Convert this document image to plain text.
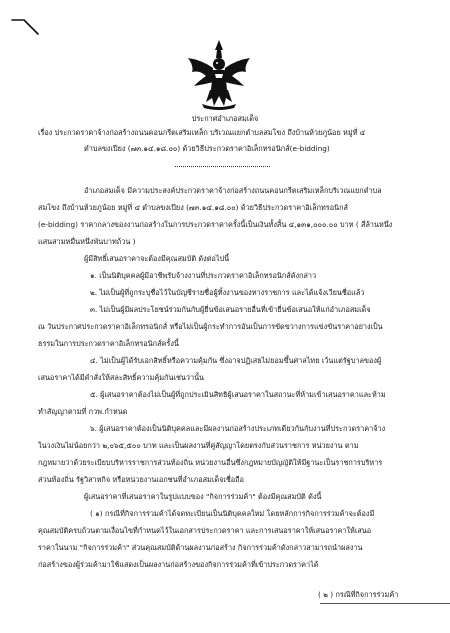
ประกาศอำเภอสมเด็จ
เรื่อง ประกวดราคาจ้างก่อสร้างถนนคอนกรีตเสริมเหล็ก บริเวณแยกตำบลสมโขง ถึงบ้านห้วยภูน้อย หมู่ที่ ๔
ตำบลขงเปียง (๗๓.๑๔.๑๘.๐๐) ด้วยวิธีประกวดราคาอิเล็กทรอนิกส์(e-bidding)
อำเภอสมเด็จ มีความประสงค์ประกวดราคาจ้างก่อสร้างถนนคอนกรีตเสริมเหล็กบริเวณแยกตำบล
สมโขง ถึงบ้านห้วยภูน้อย หมู่ที่ ๔ ตำบลขงเปียง (๗๓.๑๔.๑๘.๐๐) ด้วยวิธีประกวดราคาอิเล็กทรอนิกส์
(e-bidding) ราคากลางของงานก่อสร้างในการประกวดราคาครั้งนี้เป็นเงินทั้งสิ้น ๔,๑๓๑,๐๐๐.๐๐ บาท ( สี่ล้านหนึ่ง
แสนสามหมื่นหนึ่งพันบาทถ้วน )
ผู้มีสิทธิ์เสนอราคาจะต้องมีคุณสมบัติ ดังต่อไปนี้
๑. เป็นนิติบุคคลผู้มีอาชีพรับจ้างงานที่ประกวดราคาอิเล็กทรอนิกส์ดังกล่าว
๒. ไม่เป็นผู้ที่ถูกระบุชื่อไว้ในบัญชีรายชื่อผู้ทิ้งงานของทางราชการ และได้แจ้งเวียนชื่อแล้ว
๓. ไม่เป็นผู้มีผลประโยชน์ร่วมกันกับผู้ยื่นข้อเสนอรายอื่นที่เข้ายื่นข้อเสนอให้แก่อำเภอสมเด็จ
ณ วันประกาศประกวดราคาอิเล็กทรอนิกส์ หรือไม่เป็นผู้กระทำการอันเป็นการขัดขวางการแข่งขันราคาอย่างเป็น
ธรรมในการประกวดราคาอิเล็กทรอนิกส์ครั้งนี้
๔. ไม่เป็นผู้ได้รับเอกสิทธิ์หรือความคุ้มกัน ซึ่งอาจปฏิเสธไม่ยอมขึ้นศาลไทย เว้นแต่รัฐบาลของผู้
เสนอราคาได้มีคำสั่งให้สละสิทธิ์ความคุ้มกันเช่นว่านั้น
๕. ผู้เสนอราคาต้องไม่เป็นผู้ที่ถูกประเมินสิทธิผู้เสนอราคาในสถานะที่ห้ามเข้าเสนอราคาและห้าม
ทำสัญญาตามที่ กวพ.กำหนด
๖. ผู้เสนอราคาต้องเป็นนิติบุคคลและมีผลงานก่อสร้างประเภทเดียวกันกับงานที่ประกวดราคาจ้าง
ในวงเงินไม่น้อยกว่า ๒,๐๖๕,๕๐๐ บาท และเป็นผลงานที่คู่สัญญาโดยตรงกับส่วนราชการ หน่วยงาน ตาม
กฎหมายว่าด้วยระเบียบบริหารราชการส่วนท้องถิ่น หน่วยงานอื่นซึ่งกฎหมายบัญญัติให้มีฐานะเป็นราชการบริหาร
ส่วนท้องถิ่น รัฐวิสาหกิจ หรือหน่วยงานเอกชนที่อำเภอสมเด็จเชื่อถือ
ผู้เสนอราคาที่เสนอราคาในรูปแบบของ "กิจการร่วมค้า" ต้องมีคุณสมบัติ ดังนี้
( ๑) กรณีที่กิจการร่วมค้าได้จดทะเบียนเป็นนิติบุคคลใหม่ โดยหลักการกิจการร่วมค้าจะต้องมี
คุณสมบัติครบถ้วนตามเงื่อนไขที่กำหนดไว้ในเอกสารประกวดราคา และการเสนอราคาให้เสนอราคาให้เสนอ
ราคาในนาม "กิจการร่วมค้า" ส่วนคุณสมบัติด้านผลงานก่อสร้าง กิจการร่วมค้าดังกล่าวสามารถนำผลงาน
ก่อสร้างของผู้ร่วมค้ามาใช้แสดงเป็นผลงานก่อสร้างของกิจการร่วมค้าที่เข้าประกวดราคาได้
( ๒ ) กรณีที่กิจการร่วมค้า
